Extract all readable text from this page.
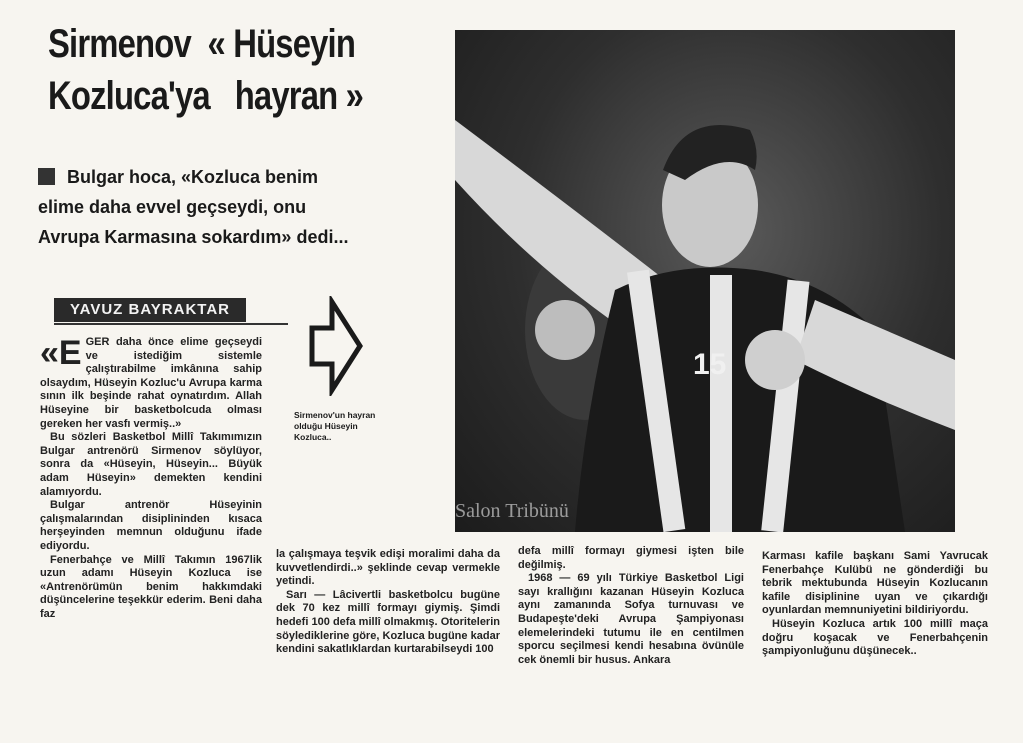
Sirmenov  « Hüseyin
Kozluca'ya   hayran »
Bulgar hoca, «Kozluca benim elime daha evvel geçseydi, onu Avrupa Karmasına sokardım» dedi...
YAVUZ BAYRAKTAR

«E GER daha önce elime geçseydi ve istediğim sistemle çalıştırabilme imkânına sahip olsaydım, Hüseyin Kozluc'u Avrupa karma sının ilk beşinde rahat oynatırdım. Allah Hüseyine bir basketbolcuda olması gereken her vasfı vermiş..»

Bu sözleri Basketbol Millî Takımımızın Bulgar antrenörü Sirmenov söylüyor, sonra da «Hüseyin, Hüseyin... Büyük adam Hüseyin» demekten kendini alamıyordu.

Bulgar antrenör Hüseyinin çalışmalarından disiplininden kısaca herşeyinden memnun olduğunu ifade ediyordu.

Fenerbahçe ve Millî Takımın 1967lik uzun adamı Hüseyin Kozluca ise «Antrenörümün benim hakkımdaki düşüncelerine teşekkür ederim. Beni daha faz

Sirmenov'un hayran olduğu Hüseyin Kozluca..
15
Salon Tribünü

la çalışmaya teşvik edişi moralimi daha da kuvvetlendirdi..» şeklinde cevap vermekle yetindi.

Sarı — Lâcivertli basketbolcu bugüne dek 70 kez millî formayı giymiş. Şimdi hedefi 100 defa millî olmakmış. Otoritelerin söylediklerine göre, Kozluca bugüne kadar kendini sakatlıklardan kurtarabilseydi 100

defa millî formayı giymesi işten bile değilmiş.

1968 — 69 yılı Türkiye Basketbol Ligi sayı krallığını kazanan Hüseyin Kozluca aynı zamanında Sofya turnuvası ve Budapeşte'deki Avrupa Şampiyonası elemelerindeki tutumu ile en centilmen sporcu seçilmesi kendi hesabına övünüle cek önemli bir husus. Ankara

Karması kafile başkanı Sami Yavrucak Fenerbahçe Kulübü ne gönderdiği bu tebrik mektubunda Hüseyin Kozlucanın kafile disiplinine uyan ve çıkardığı oyunlardan memnuniyetini bildiriyordu.

Hüseyin Kozluca artık 100 millî maça doğru koşacak ve Fenerbahçenin şampiyonluğunu düşünecek..
